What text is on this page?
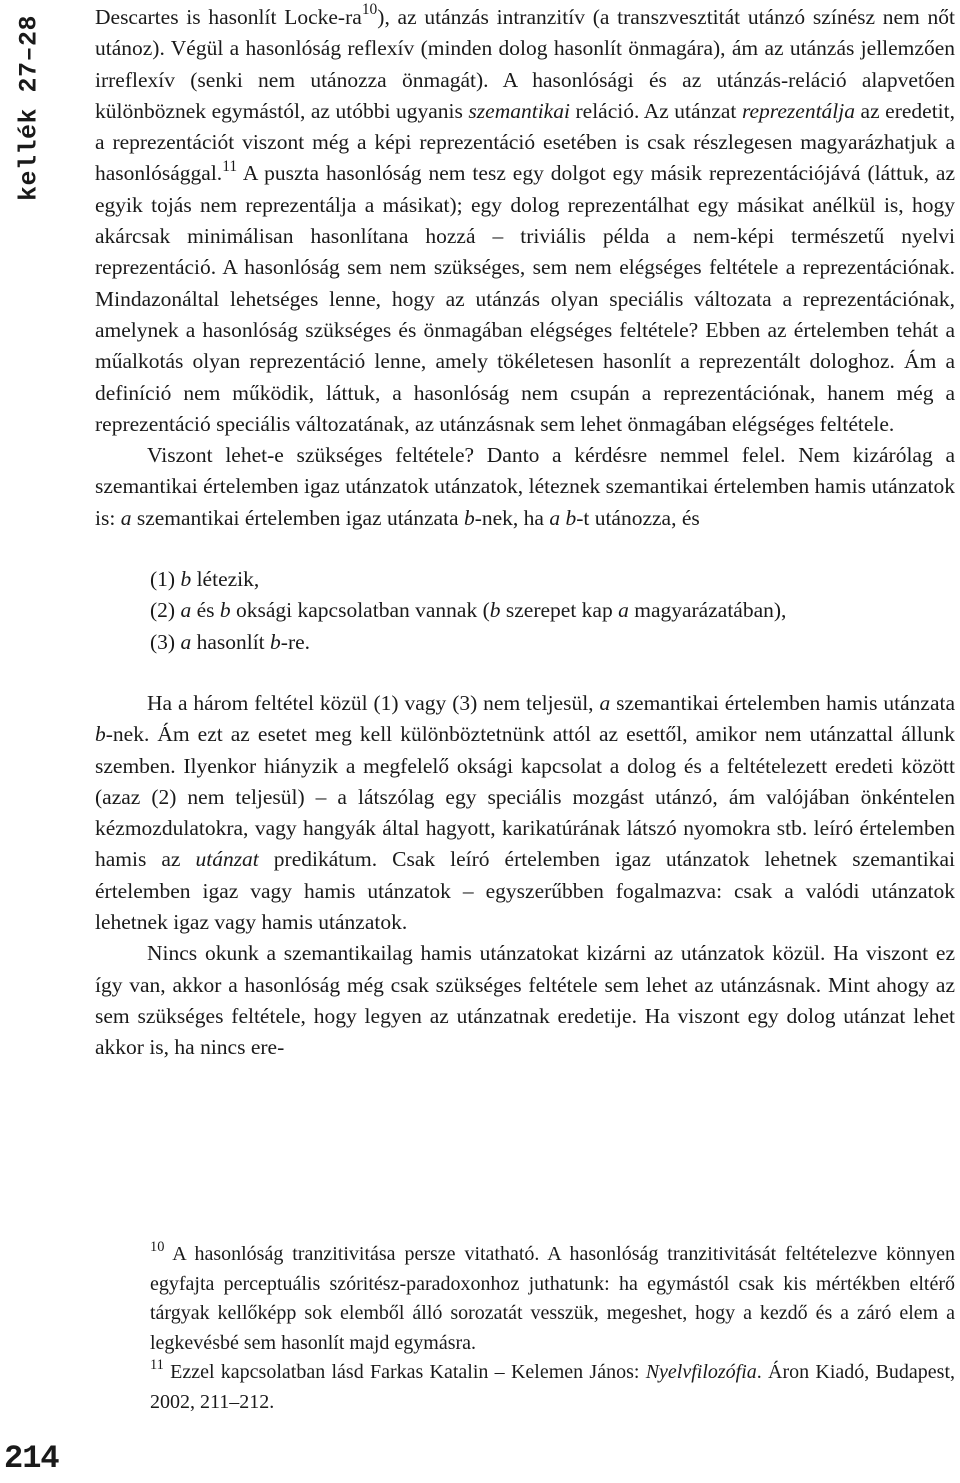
kellék 27–28 Descartes is hasonlít Locke-$ra^{10}$), az utánzás intranzitív (a transzvesztitát utánzó színész nem nőt utánoz). Végül a hasonlóság reflexív (minden dolog hasonlít önmagára), ám az utánzás jellemzően irreflexív (senki nem utánozza önmagát). A hasonlósági és az utánzás-reláció alapvetően különböznek egymástól, az utóbbi ugyanis szemantikai reláció. Az utánzat reprezentálja az eredetit, a reprezentációt viszont még a képi reprezentáció esetében is csak részlegesen magyarázhatjuk a hasonlósággal.$^{11}$ A puszta hasonlóság nem tesz egy dolgot egy másik reprezentációjává (láttuk, az egyik tojás nem reprezentálja a másikat); egy dolog reprezentálhat egy másikat anélkül is, hogy akárcsak minimálisan hasonlítana hozzá – triviális példa a nem-képi természetű nyelvi reprezentáció. A hasonlóság sem nem szükséges, sem nem elégséges feltétele a reprezentációnak. Mindazonáltal lehetséges lenne, hogy az utánzás olyan speciális változata a reprezentációnak, amelynek a hasonlóság szükséges és önmagában elégséges feltétele? Ebben az értelemben tehát a műalkotás olyan reprezentáció lenne, amely tökéletesen hasonlít a reprezentált dologhoz. Ám a definíció nem működik, láttuk, a hasonlóság nem csupán a reprezentációnak, hanem még a reprezentáció speciális változatának, az utánzásnak sem lehet önmagában elégséges feltétele.

Viszont lehet-e szükséges feltétele? Danto a kérdésre nemmel felel. Nem kizárólag a szemantikai értelemben igaz utánzatok utánzatok, léteznek szemantikai értelemben hamis utánzatok is: a szemantikai értelemben igaz utánzata b-nek, ha a b-t utánozza, és

(1) b létezik,
(2) a és b oksági kapcsolatban vannak (b szerepet kap a magyarázatában),
(3) a hasonlít b-re.

Ha a három feltétel közül (1) vagy (3) nem teljesül, a szemantikai értelemben hamis utánzata b-nek. Ám ezt az esetet meg kell különböztetnünk attól az esettől, amikor nem utánzattal állunk szemben. Ilyenkor hiányzik a megfelelő oksági kapcsolat a dolog és a feltételezett eredeti között (azaz (2) nem teljesül) – a látszólag egy speciális mozgást utánzó, ám valójában önkéntelen kézmozdulatokra, vagy hangyák által hagyott, karikatúrának látszó nyomokra stb. leíró értelemben hamis az utánzat predikátum. Csak leíró értelemben igaz utánzatok lehetnek szemantikai értelemben igaz vagy hamis utánzatok – egyszerűbben fogalmazva: csak a valódi utánzatok lehetnek igaz vagy hamis utánzatok.

Nincs okunk a szemantikailag hamis utánzatokat kizárni az utánzatok közül. Ha viszont ez így van, akkor a hasonlóság még csak szükséges feltétele sem lehet az utánzásnak. Mint ahogy az sem szükséges feltétele, hogy legyen az utánzatnak eredetije. Ha viszont egy dolog utánzat lehet akkor is, ha nincs ere-

$^{10}$ A hasonlóság tranzitivitása persze vitatható. A hasonlóság tranzitivitását feltételezve könnyen egyfajta perceptuális szóritész-paradoxonhoz juthatunk: ha egymástól csak kis mértékben eltérő tárgyak kellőképp sok elemből álló sorozatát vesszük, megeshet, hogy a kezdő és a záró elem a legkevésbé sem hasonlít majd egymásra.

$^{11}$ Ezzel kapcsolatban lásd Farkas Katalin – Kelemen János: Nyelvfilozófia. Áron Kiadó, Budapest, 2002, 211–212.

214
